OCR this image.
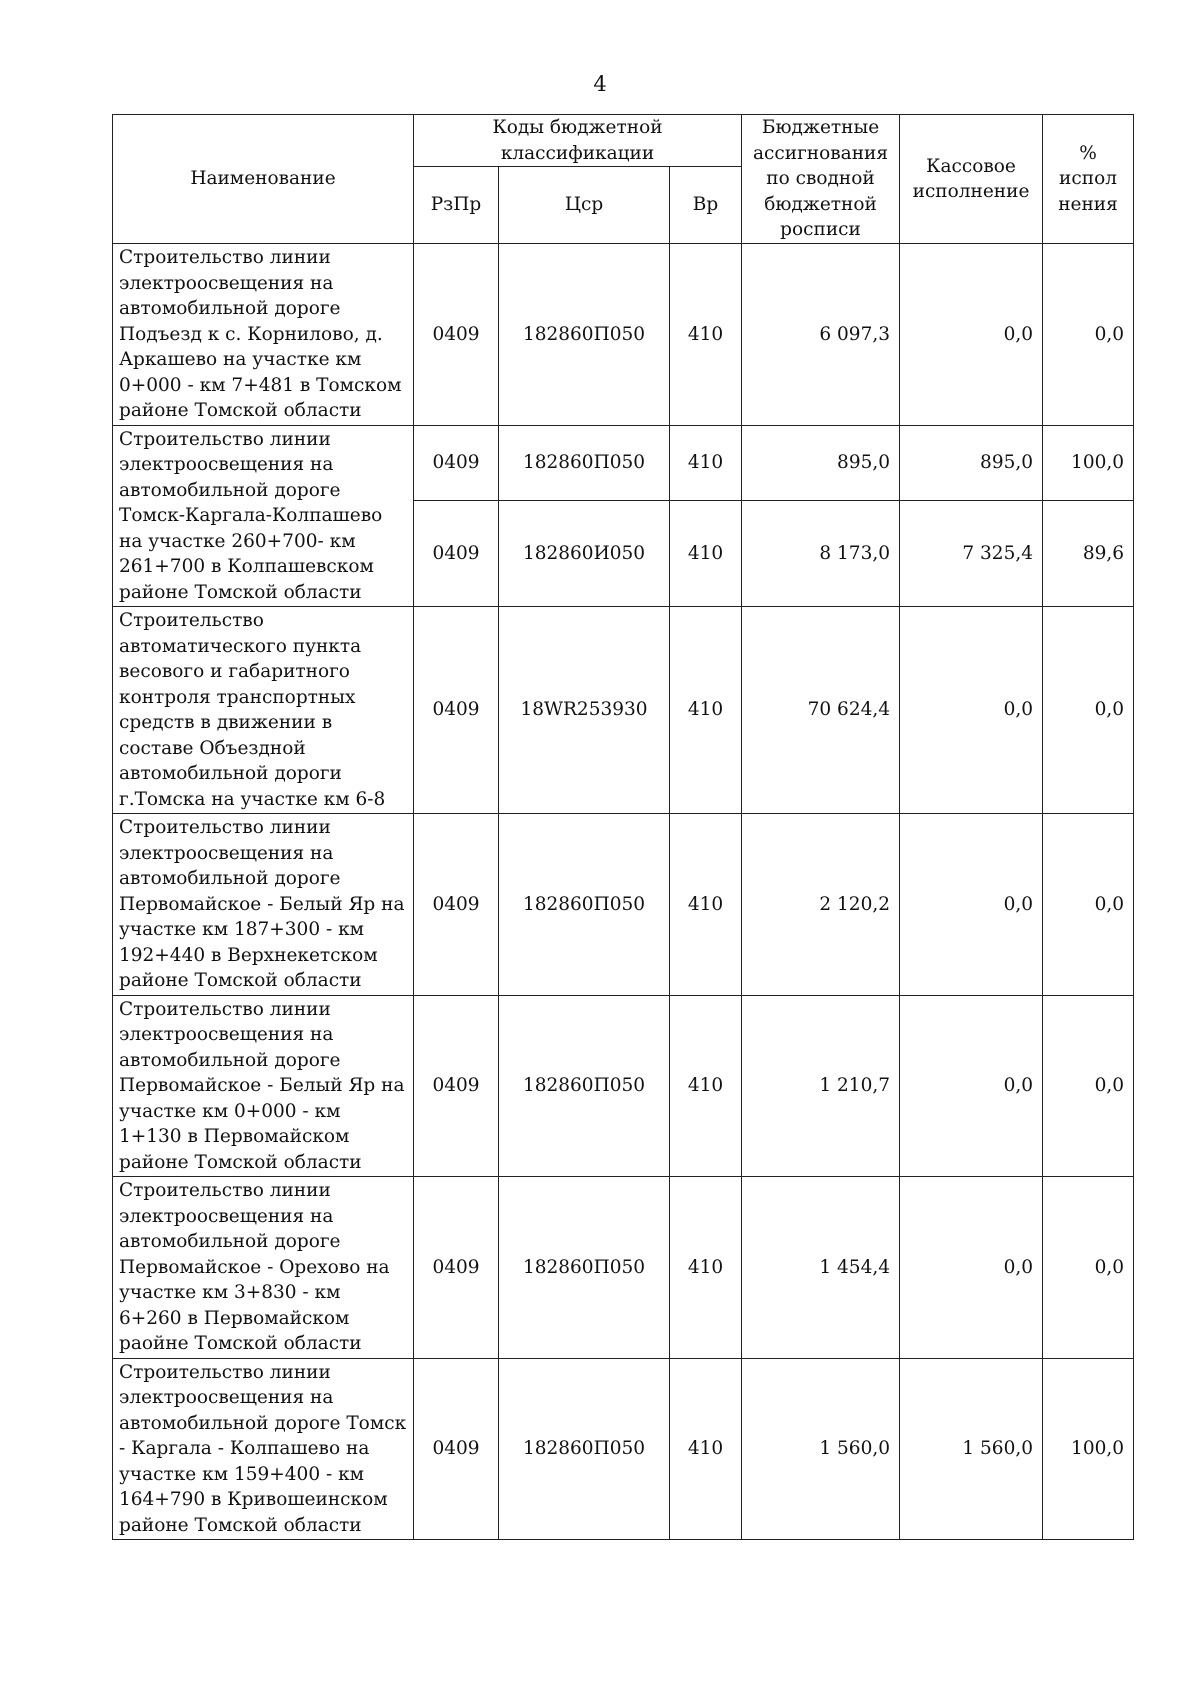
4
Наименование	Коды бюджетной классификации			Бюджетные ассигнования по сводной бюджетной росписи	Кассовое исполнение	% испол нения
	РзПр	Цср	Вр			
Строительство линии электроосвещения на автомобильной дороге Подъезд к с. Корнилово, д. Аркашево на участке км 0+000 - км 7+481 в Томском районе Томской области	0409	182860П050	410	6 097,3	0,0	0,0
Строительство линии электроосвещения на автомобильной дороге Томск-Каргала-Колпашево на участке 260+700- км 261+700 в Колпашевском районе Томской области	0409	182860П050	410	895,0	895,0	100,0
	0409	182860И050	410	8 173,0	7 325,4	89,6
Строительство автоматического пункта весового и габаритного контроля транспортных средств в движении в составе Объездной автомобильной дороги г.Томска на участке км 6-8	0409	18WR253930	410	70 624,4	0,0	0,0
Строительство линии электроосвещения на автомобильной дороге Первомайское - Белый Яр на участке км 187+300 - км 192+440 в Верхнекетском районе Томской области	0409	182860П050	410	2 120,2	0,0	0,0
Строительство линии электроосвещения на автомобильной дороге Первомайское - Белый Яр на участке км 0+000 - км 1+130 в Первомайском районе Томской области	0409	182860П050	410	1 210,7	0,0	0,0
Строительство линии электроосвещения на автомобильной дороге Первомайское - Орехово на участке км 3+830 - км 6+260 в Первомайском раойне Томской области	0409	182860П050	410	1 454,4	0,0	0,0
Строительство линии электроосвещения на автомобильной дороге Томск - Каргала - Колпашево на участке км 159+400 - км 164+790 в Кривошеинском районе Томской области	0409	182860П050	410	1 560,0	1 560,0	100,0
